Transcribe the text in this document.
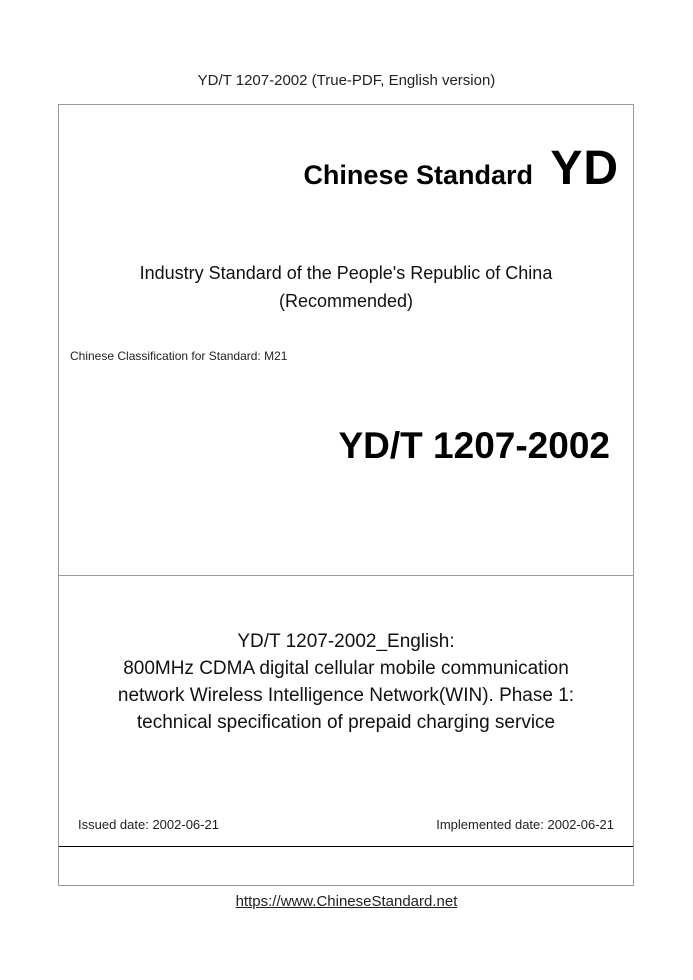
YD/T 1207-2002 (True-PDF, English version)
Chinese Standard YD
Industry Standard of the People's Republic of China
(Recommended)
Chinese Classification for Standard: M21
YD/T 1207-2002
YD/T 1207-2002_English:
800MHz CDMA digital cellular mobile communication
network Wireless Intelligence Network(WIN). Phase 1:
technical specification of prepaid charging service
Issued date: 2002-06-21	Implemented date: 2002-06-21
https://www.ChineseStandard.net
